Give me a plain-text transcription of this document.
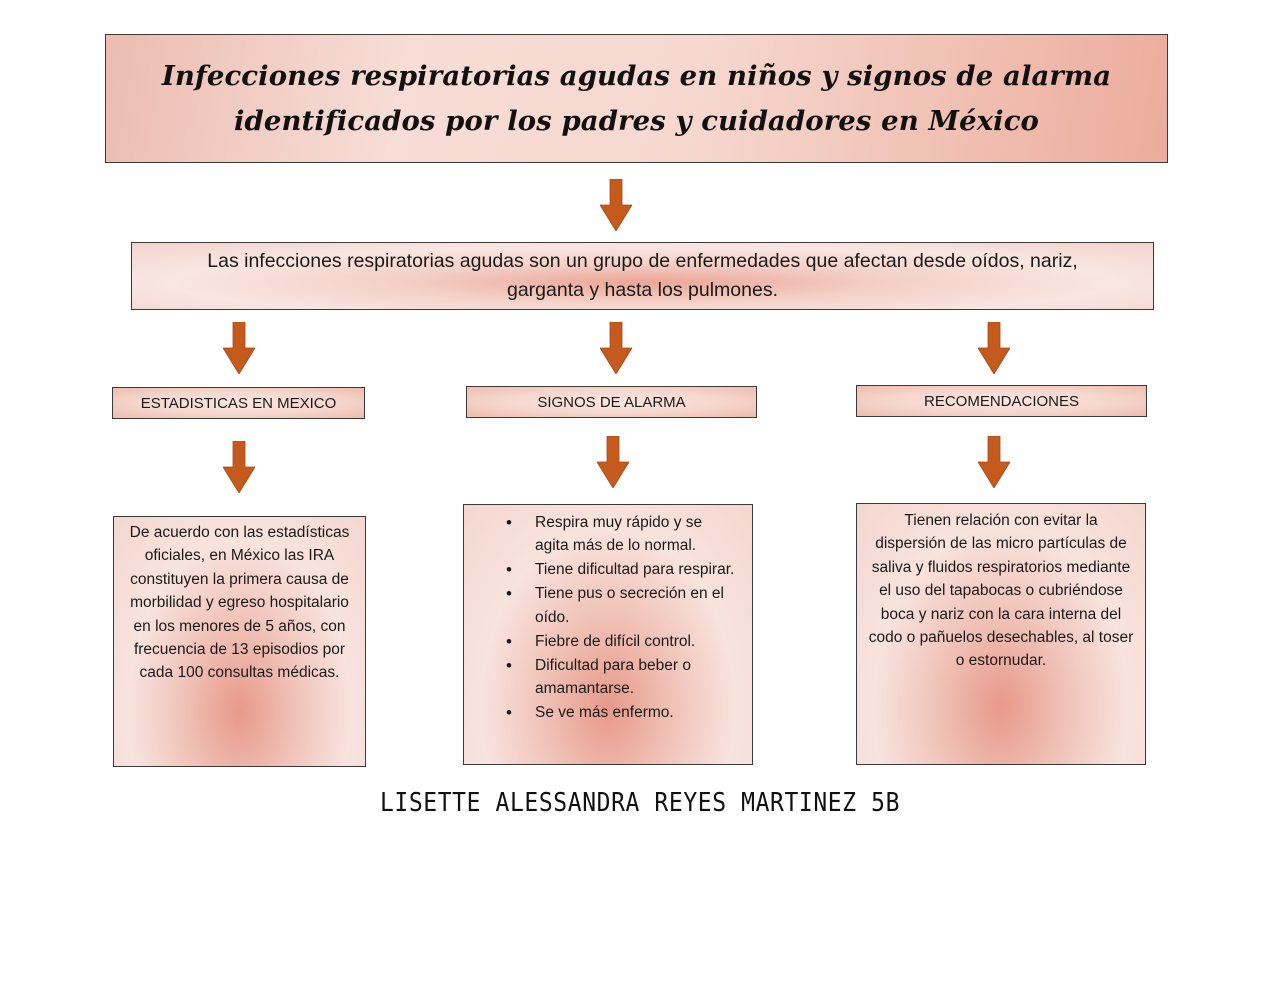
Infecciones respiratorias agudas en niños y signos de alarma identificados por los padres y cuidadores en México

Las infecciones respiratorias agudas son un grupo de enfermedades que afectan desde oídos, nariz, garganta y hasta los pulmones.

ESTADISTICAS EN MEXICO	SIGNOS DE ALARMA	RECOMENDACIONES
De acuerdo con las estadísticas oficiales, en México las IRA constituyen la primera causa de morbilidad y egreso hospitalario en los menores de 5 años, con frecuencia de 13 episodios por cada 100 consultas médicas.
• Respira muy rápido y se agita más de lo normal.
• Tiene dificultad para respirar.
• Tiene pus o secreción en el oído.
• Fiebre de difícil control.
• Dificultad para beber o amamantarse.
• Se ve más enfermo.
Tienen relación con evitar la dispersión de las micro partículas de saliva y fluidos respiratorios mediante el uso del tapabocas o cubriéndose boca y nariz con la cara interna del codo o pañuelos desechables, al toser o estornudar.
LISETTE ALESSANDRA REYES MARTINEZ 5B
